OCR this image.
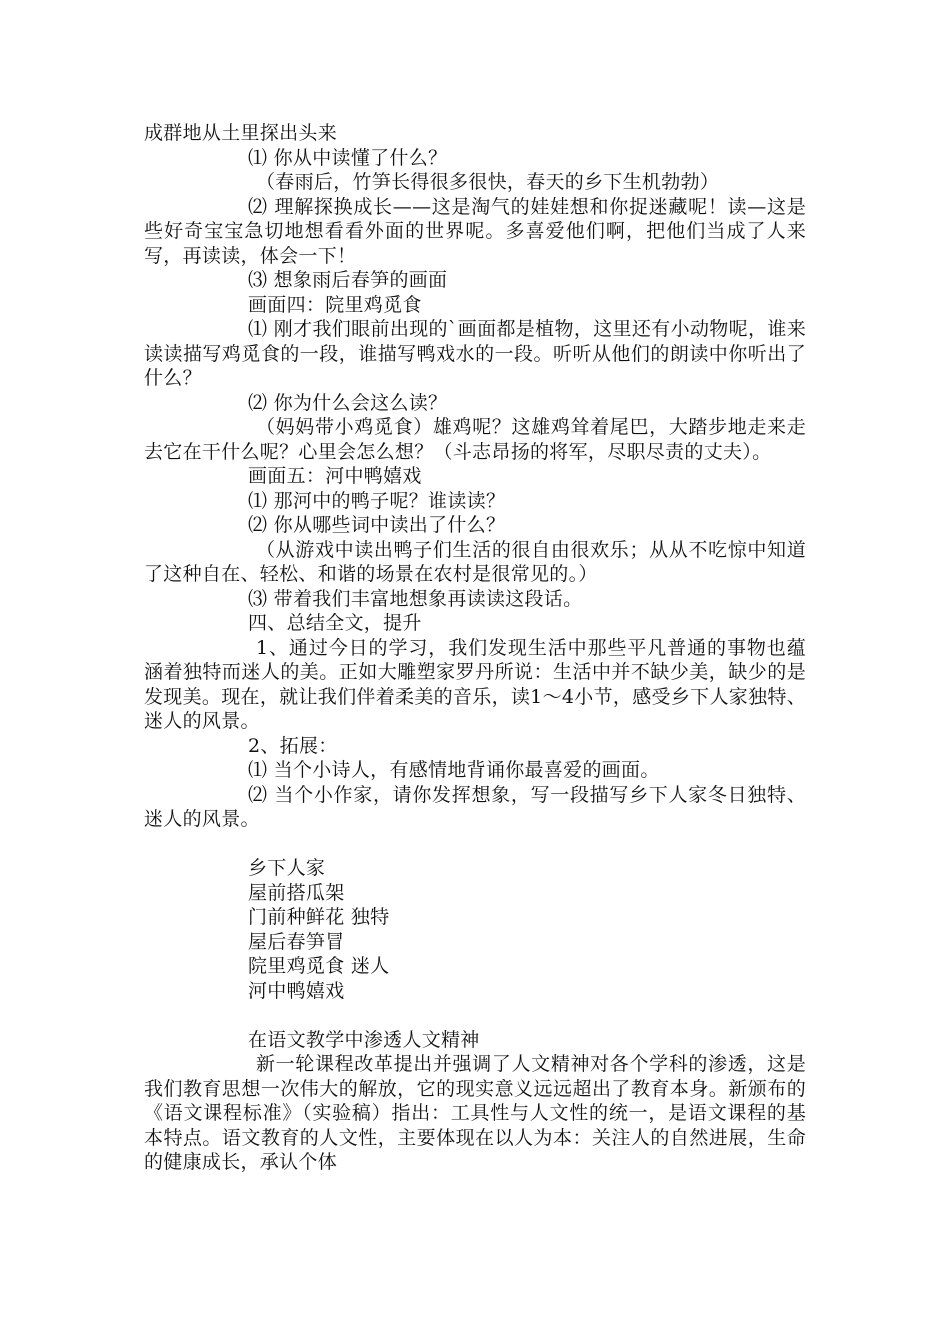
成群地从土里探出头来

⑴ 你从中读懂了什么？

（春雨后，竹笋长得很多很快，春天的乡下生机勃勃）

⑵ 理解探换成长——这是淘气的娃娃想和你捉迷藏呢！读—这是些好奇宝宝急切地想看看外面的世界呢。多喜爱他们啊，把他们当成了人来写，再读读，体会一下！

⑶ 想象雨后春笋的画面

画面四：院里鸡觅食

⑴ 刚才我们眼前出现的`画面都是植物，这里还有小动物呢，谁来读读描写鸡觅食的一段，谁描写鸭戏水的一段。听听从他们的朗读中你听出了什么？

⑵ 你为什么会这么读？

（妈妈带小鸡觅食）雄鸡呢？这雄鸡耸着尾巴，大踏步地走来走去它在干什么呢？心里会怎么想？（斗志昂扬的将军，尽职尽责的丈夫）。

画面五：河中鸭嬉戏

⑴ 那河中的鸭子呢？谁读读？

⑵ 你从哪些词中读出了什么？

（从游戏中读出鸭子们生活的很自由很欢乐；从从不吃惊中知道了这种自在、轻松、和谐的场景在农村是很常见的。）

⑶ 带着我们丰富地想象再读读这段话。

四、总结全文，提升

1、通过今日的学习，我们发现生活中那些平凡普通的事物也蕴涵着独特而迷人的美。正如大雕塑家罗丹所说：生活中并不缺少美，缺少的是发现美。现在，就让我们伴着柔美的音乐，读1～4小节，感受乡下人家独特、迷人的风景。

2、拓展：

⑴ 当个小诗人，有感情地背诵你最喜爱的画面。

⑵ 当个小作家，请你发挥想象，写一段描写乡下人家冬日独特、迷人的风景。

乡下人家

屋前搭瓜架

门前种鲜花 独特

屋后春笋冒

院里鸡觅食 迷人

河中鸭嬉戏

在语文教学中渗透人文精神

新一轮课程改革提出并强调了人文精神对各个学科的渗透，这是我们教育思想一次伟大的解放，它的现实意义远远超出了教育本身。新颁布的《语文课程标准》（实验稿）指出：工具性与人文性的统一，是语文课程的基本特点。语文教育的人文性，主要体现在以人为本：关注人的自然进展，生命的健康成长，承认个体
